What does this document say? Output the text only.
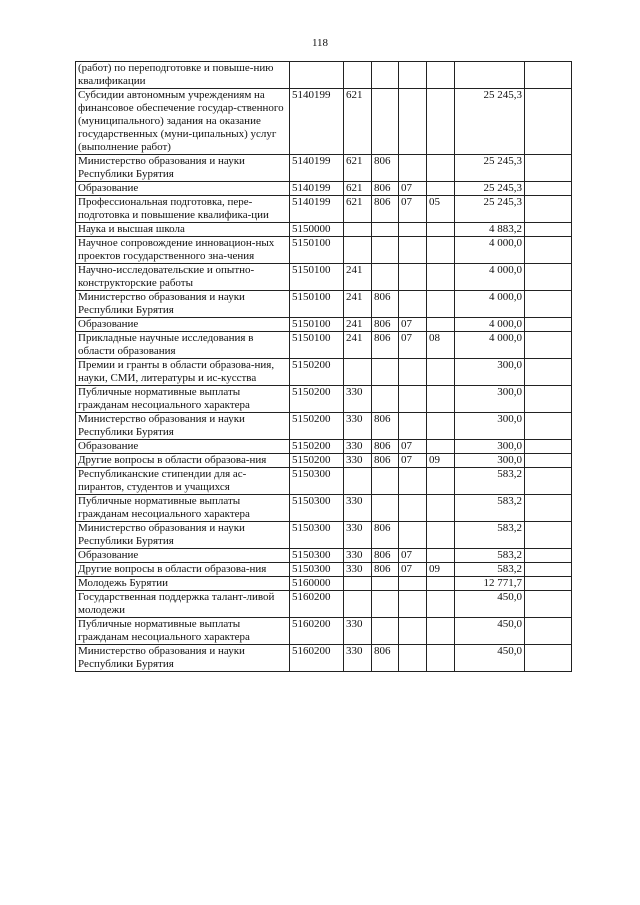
118
(работ) по переподготовке и повыше-нию квалификации							
Субсидии автономным учреждениям на финансовое обеспечение государ-ственного (муниципального) задания на оказание государственных (муни-ципальных) услуг (выполнение работ)	5140199	621				25 245,3	
Министерство образования и науки Республики Бурятия	5140199	621	806			25 245,3	
Образование	5140199	621	806	07		25 245,3	
Профессиональная подготовка, пере-подготовка и повышение квалифика-ции	5140199	621	806	07	05	25 245,3	
Наука и высшая школа	5150000					4 883,2	
Научное сопровождение инновацион-ных проектов государственного зна-чения	5150100					4 000,0	
Научно-исследовательские и опытно-конструкторские работы	5150100	241				4 000,0	
Министерство образования и науки Республики Бурятия	5150100	241	806			4 000,0	
Образование	5150100	241	806	07		4 000,0	
Прикладные научные исследования в области образования	5150100	241	806	07	08	4 000,0	
Премии и гранты в области образова-ния, науки, СМИ, литературы и ис-кусства	5150200					300,0	
Публичные нормативные выплаты гражданам несоциального характера	5150200	330				300,0	
Министерство образования и науки Республики Бурятия	5150200	330	806			300,0	
Образование	5150200	330	806	07		300,0	
Другие вопросы в области образова-ния	5150200	330	806	07	09	300,0	
Республиканские стипендии для ас-пирантов, студентов и учащихся	5150300					583,2	
Публичные нормативные выплаты гражданам несоциального характера	5150300	330				583,2	
Министерство образования и науки Республики Бурятия	5150300	330	806			583,2	
Образование	5150300	330	806	07		583,2	
Другие вопросы в области образова-ния	5150300	330	806	07	09	583,2	
Молодежь Бурятии	5160000					12 771,7	
Государственная поддержка талант-ливой молодежи	5160200					450,0	
Публичные нормативные выплаты гражданам несоциального характера	5160200	330				450,0	
Министерство образования и науки Республики Бурятия	5160200	330	806			450,0	
